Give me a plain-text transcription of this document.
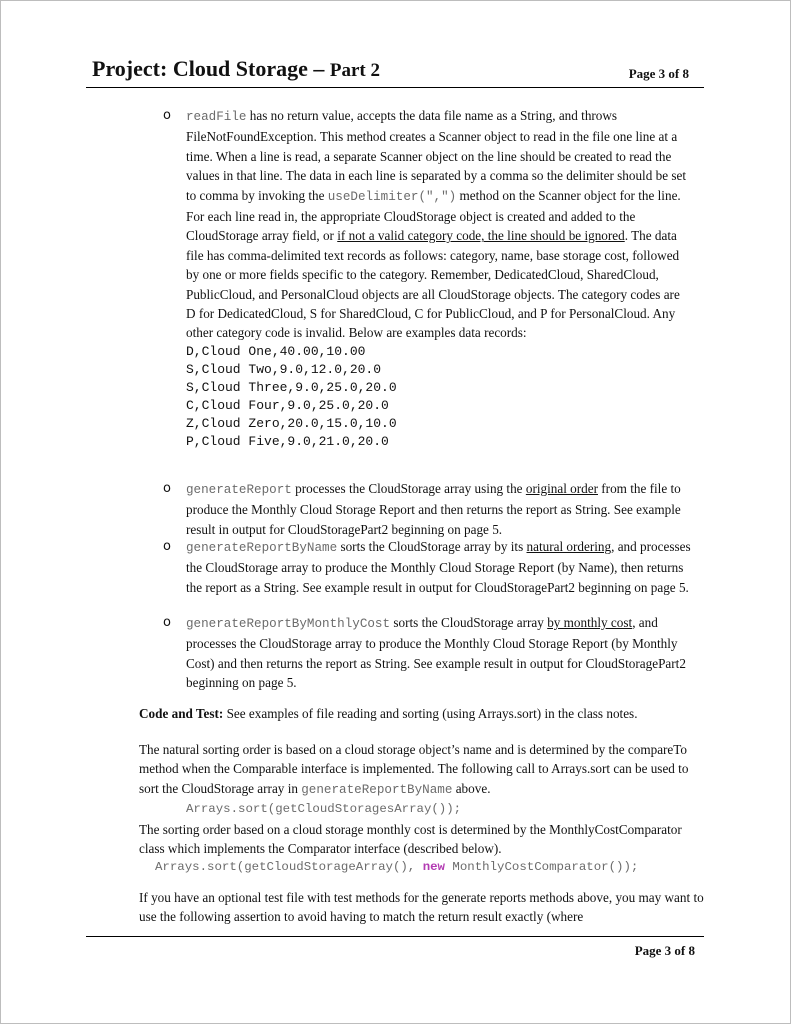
Project: Cloud Storage – Part 2	Page 3 of 8
o readFile has no return value, accepts the data file name as a String, and throws FileNotFoundException. This method creates a Scanner object to read in the file one line at a time. When a line is read, a separate Scanner object on the line should be created to read the values in that line. The data in each line is separated by a comma so the delimiter should be set to comma by invoking the useDelimiter(",") method on the Scanner object for the line. For each line read in, the appropriate CloudStorage object is created and added to the CloudStorage array field, or if not a valid category code, the line should be ignored. The data file has comma-delimited text records as follows: category, name, base storage cost, followed by one or more fields specific to the category. Remember, DedicatedCloud, SharedCloud, PublicCloud, and PersonalCloud objects are all CloudStorage objects. The category codes are D for DedicatedCloud, S for SharedCloud, C for PublicCloud, and P for PersonalCloud. Any other category code is invalid. Below are examples data records:
D,Cloud One,40.00,10.00
S,Cloud Two,9.0,12.0,20.0
S,Cloud Three,9.0,25.0,20.0
C,Cloud Four,9.0,25.0,20.0
Z,Cloud Zero,20.0,15.0,10.0
P,Cloud Five,9.0,21.0,20.0
o generateReport processes the CloudStorage array using the original order from the file to produce the Monthly Cloud Storage Report and then returns the report as String. See example result in output for CloudStoragePart2 beginning on page 5.
o generateReportByName sorts the CloudStorage array by its natural ordering, and processes the CloudStorage array to produce the Monthly Cloud Storage Report (by Name), then returns the report as a String. See example result in output for CloudStoragePart2 beginning on page 5.
o generateReportByMonthlyCost sorts the CloudStorage array by monthly cost, and processes the CloudStorage array to produce the Monthly Cloud Storage Report (by Monthly Cost) and then returns the report as String. See example result in output for CloudStoragePart2 beginning on page 5.
Code and Test: See examples of file reading and sorting (using Arrays.sort) in the class notes.
The natural sorting order is based on a cloud storage object’s name and is determined by the compareTo method when the Comparable interface is implemented. The following call to Arrays.sort can be used to sort the CloudStorage array in generateReportByName above.
Arrays.sort(getCloudStoragesArray());
The sorting order based on a cloud storage monthly cost is determined by the MonthlyCostComparator class which implements the Comparator interface (described below).
Arrays.sort(getCloudStorageArray(), new MonthlyCostComparator());
If you have an optional test file with test methods for the generate reports methods above, you may want to use the following assertion to avoid having to match the return result exactly (where
Page 3 of 8
